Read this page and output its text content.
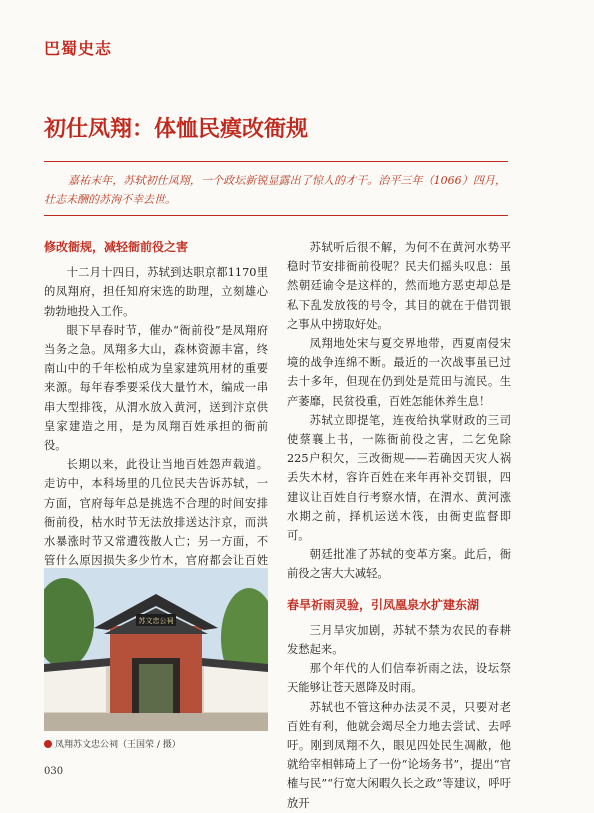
巴蜀史志
初仕凤翔：体恤民瘼改衙规
嘉祐末年，苏轼初仕凤翔，一个政坛新锐显露出了惊人的才干。治平三年（1066）四月，壮志未酬的苏洵不幸去世。
修改衙规，减轻衙前役之害

十二月十四日，苏轼到达职京都1170里的凤翔府，担任知府宋选的助理，立刻雄心勃勃地投入工作。

眼下早春时节，催办“衙前役”是凤翔府当务之急。凤翔多大山，森林资源丰富，终南山中的千年松柏成为皇家建筑用材的重要来源。每年春季要采伐大量竹木，编成一串串大型排筏，从渭水放入黄河，送到汴京供皇家建造之用，是为凤翔百姓承担的衙前役。

长期以来，此役让当地百姓怨声载道。走访中，本科场里的几位民夫告诉苏轼，一方面，官府每年总是挑选不合理的时间安排衙前役，枯水时节无法放排送达汴京，而洪水暴涨时节又常遭筏散人亡；另一方面，不管什么原因损失多少竹木，官府都会让百姓

苏文忠公祠
凤翔苏文忠公祠（王国荣 / 摄）

苏轼听后很不解，为何不在黄河水势平稳时节安排衙前役呢？民夫们摇头叹息：虽然朝廷谕令是这样的，然而地方恶吏却总是私下乱发放筏的号令，其目的就在于借罚银之事从中捞取好处。

凤翔地处宋与夏交界地带，西夏南侵宋境的战争连绵不断。最近的一次战事虽已过去十多年，但现在仍到处是荒田与流民。生产萎靡，民贫役重，百姓怎能休养生息！

苏轼立即提笔，连夜给执掌财政的三司使蔡襄上书，一陈衙前役之害，二乞免除225户积欠，三改衙规——若确因天灾人祸丢失木材，容许百姓在来年再补交罚银，四建议让百姓自行考察水情，在渭水、黄河涨水期之前，择机运送木筏，由衙吏监督即可。

朝廷批准了苏轼的变革方案。此后，衙前役之害大大减轻。

春旱祈雨灵验，引凤凰泉水扩建东湖

三月旱灾加剧，苏轼不禁为农民的春耕发愁起来。

那个年代的人们信奉祈雨之法，设坛祭天能够让苍天恩降及时雨。

苏轼也不管这种办法灵不灵，只要对老百姓有利，他就会竭尽全力地去尝试、去呼吁。刚到凤翔不久，眼见四处民生凋敝，他就给宰相韩琦上了一份“论场务书”，提出“官榷与民”“行宽大闲暇久长之政”等建议，呼吁放开

030
